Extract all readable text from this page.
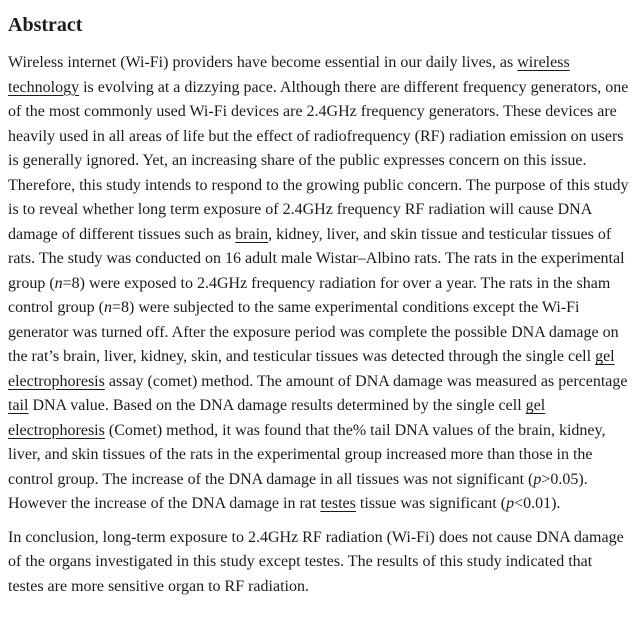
Abstract

Wireless internet (Wi-Fi) providers have become essential in our daily lives, as wireless technology is evolving at a dizzying pace. Although there are different frequency generators, one of the most commonly used Wi-Fi devices are 2.4GHz frequency generators. These devices are heavily used in all areas of life but the effect of radiofrequency (RF) radiation emission on users is generally ignored. Yet, an increasing share of the public expresses concern on this issue. Therefore, this study intends to respond to the growing public concern. The purpose of this study is to reveal whether long term exposure of 2.4GHz frequency RF radiation will cause DNA damage of different tissues such as brain, kidney, liver, and skin tissue and testicular tissues of rats. The study was conducted on 16 adult male Wistar–Albino rats. The rats in the experimental group (n=8) were exposed to 2.4GHz frequency radiation for over a year. The rats in the sham control group (n=8) were subjected to the same experimental conditions except the Wi-Fi generator was turned off. After the exposure period was complete the possible DNA damage on the rat’s brain, liver, kidney, skin, and testicular tissues was detected through the single cell gel electrophoresis assay (comet) method. The amount of DNA damage was measured as percentage tail DNA value. Based on the DNA damage results determined by the single cell gel electrophoresis (Comet) method, it was found that the% tail DNA values of the brain, kidney, liver, and skin tissues of the rats in the experimental group increased more than those in the control group. The increase of the DNA damage in all tissues was not significant (p>0.05). However the increase of the DNA damage in rat testes tissue was significant (p<0.01).

In conclusion, long-term exposure to 2.4GHz RF radiation (Wi-Fi) does not cause DNA damage of the organs investigated in this study except testes. The results of this study indicated that testes are more sensitive organ to RF radiation.
